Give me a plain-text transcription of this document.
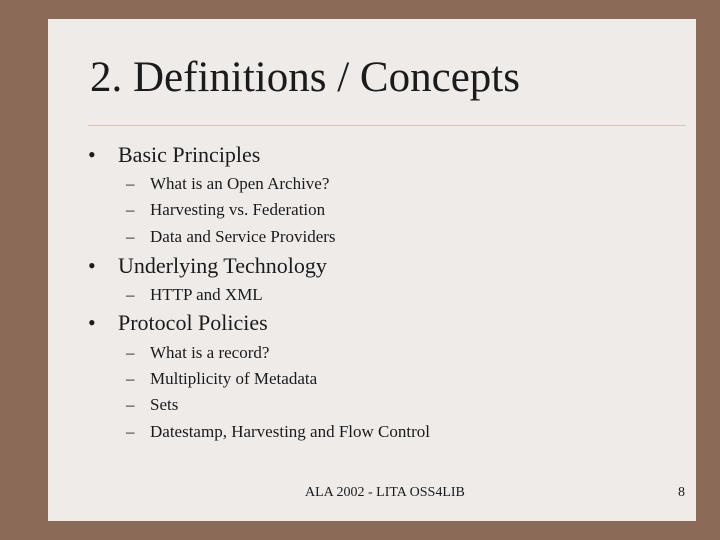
2. Definitions / Concepts
• Basic Principles
– What is an Open Archive?
– Harvesting vs. Federation
– Data and Service Providers
• Underlying Technology
– HTTP and XML
• Protocol Policies
– What is a record?
– Multiplicity of Metadata
– Sets
– Datestamp, Harvesting and Flow Control
ALA 2002 - LITA OSS4LIB	8
